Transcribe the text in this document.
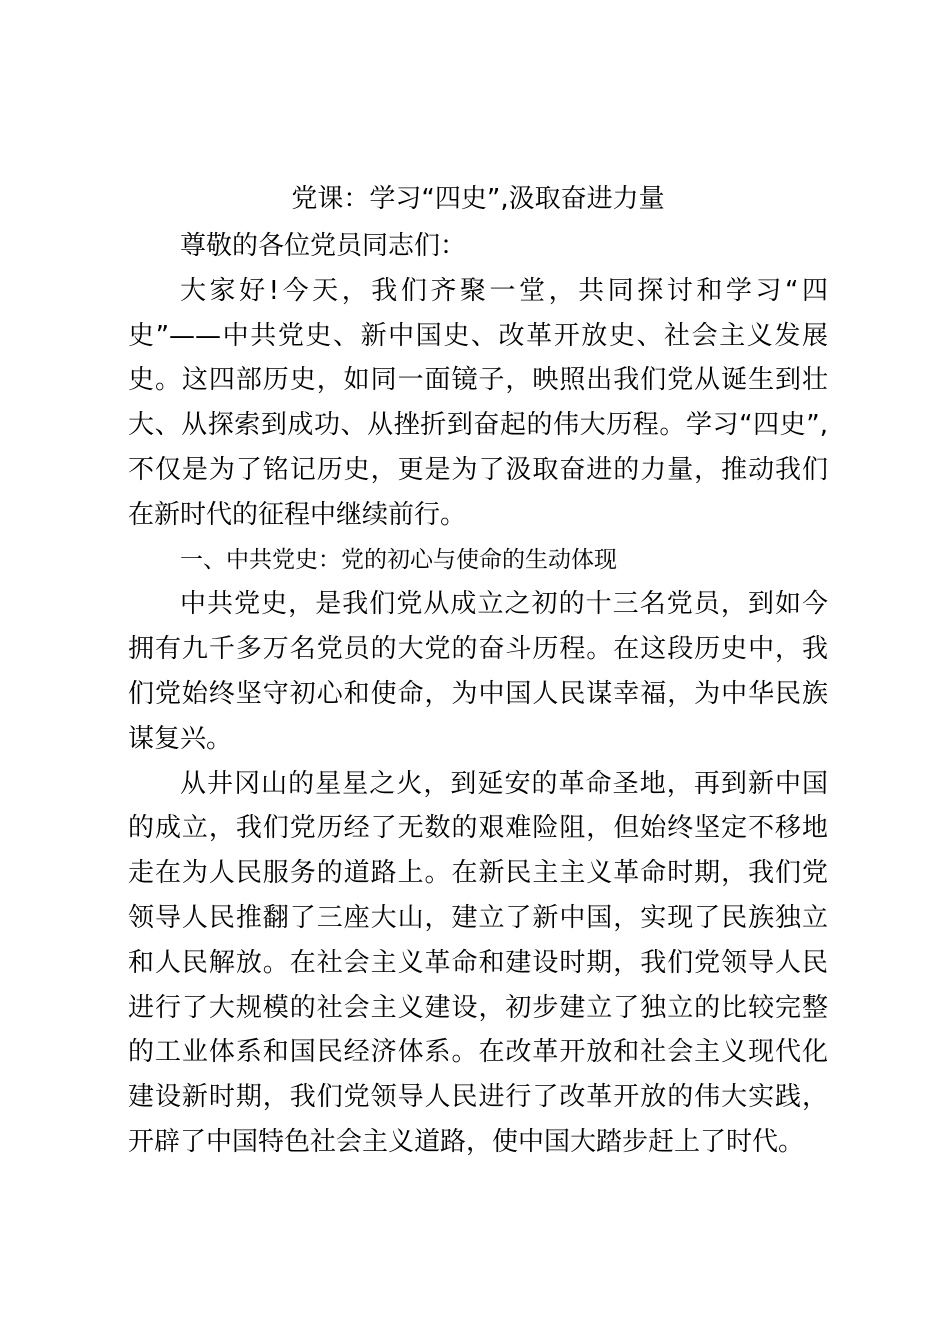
党课：学习“四史”,汲取奋进力量

尊敬的各位党员同志们：

大家好!今天，我们齐聚一堂，共同探讨和学习“四史”——中共党史、新中国史、改革开放史、社会主义发展史。这四部历史，如同一面镜子，映照出我们党从诞生到壮大、从探索到成功、从挫折到奋起的伟大历程。学习“四史”,不仅是为了铭记历史，更是为了汲取奋进的力量，推动我们在新时代的征程中继续前行。

一、中共党史：党的初心与使命的生动体现

中共党史，是我们党从成立之初的十三名党员，到如今拥有九千多万名党员的大党的奋斗历程。在这段历史中，我们党始终坚守初心和使命，为中国人民谋幸福，为中华民族谋复兴。

从井冈山的星星之火，到延安的革命圣地，再到新中国的成立，我们党历经了无数的艰难险阻，但始终坚定不移地走在为人民服务的道路上。在新民主主义革命时期，我们党领导人民推翻了三座大山，建立了新中国，实现了民族独立和人民解放。在社会主义革命和建设时期，我们党领导人民进行了大规模的社会主义建设，初步建立了独立的比较完整的工业体系和国民经济体系。在改革开放和社会主义现代化建设新时期，我们党领导人民进行了改革开放的伟大实践，开辟了中国特色社会主义道路，使中国大踏步赶上了时代。
